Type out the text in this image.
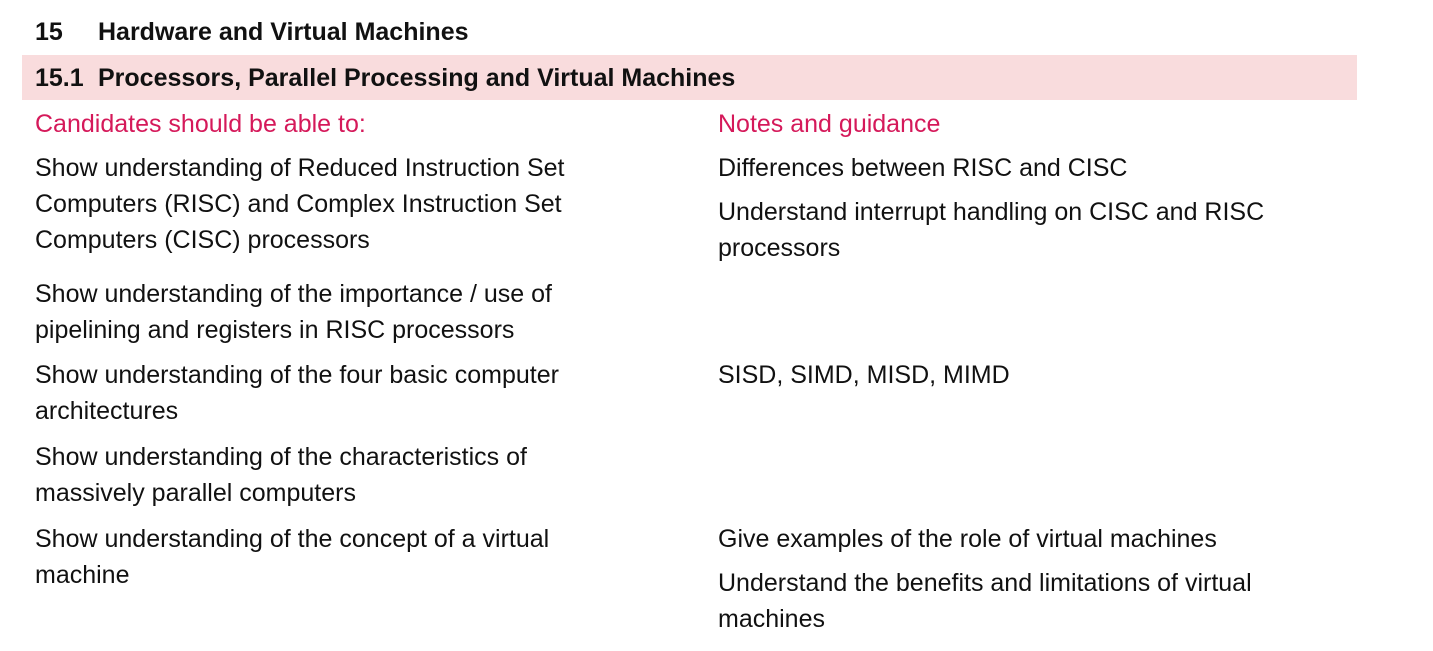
15 Hardware and Virtual Machines
15.1 Processors, Parallel Processing and Virtual Machines
Candidates should be able to:	Notes and guidance
Show understanding of Reduced Instruction Set
Computers (RISC) and Complex Instruction Set
Computers (CISC) processors
Differences between RISC and CISC
Understand interrupt handling on CISC and RISC
processors
Show understanding of the importance / use of
pipelining and registers in RISC processors
Show understanding of the four basic computer
architectures
SISD, SIMD, MISD, MIMD
Show understanding of the characteristics of
massively parallel computers
Show understanding of the concept of a virtual
machine
Give examples of the role of virtual machines
Understand the benefits and limitations of virtual
machines
